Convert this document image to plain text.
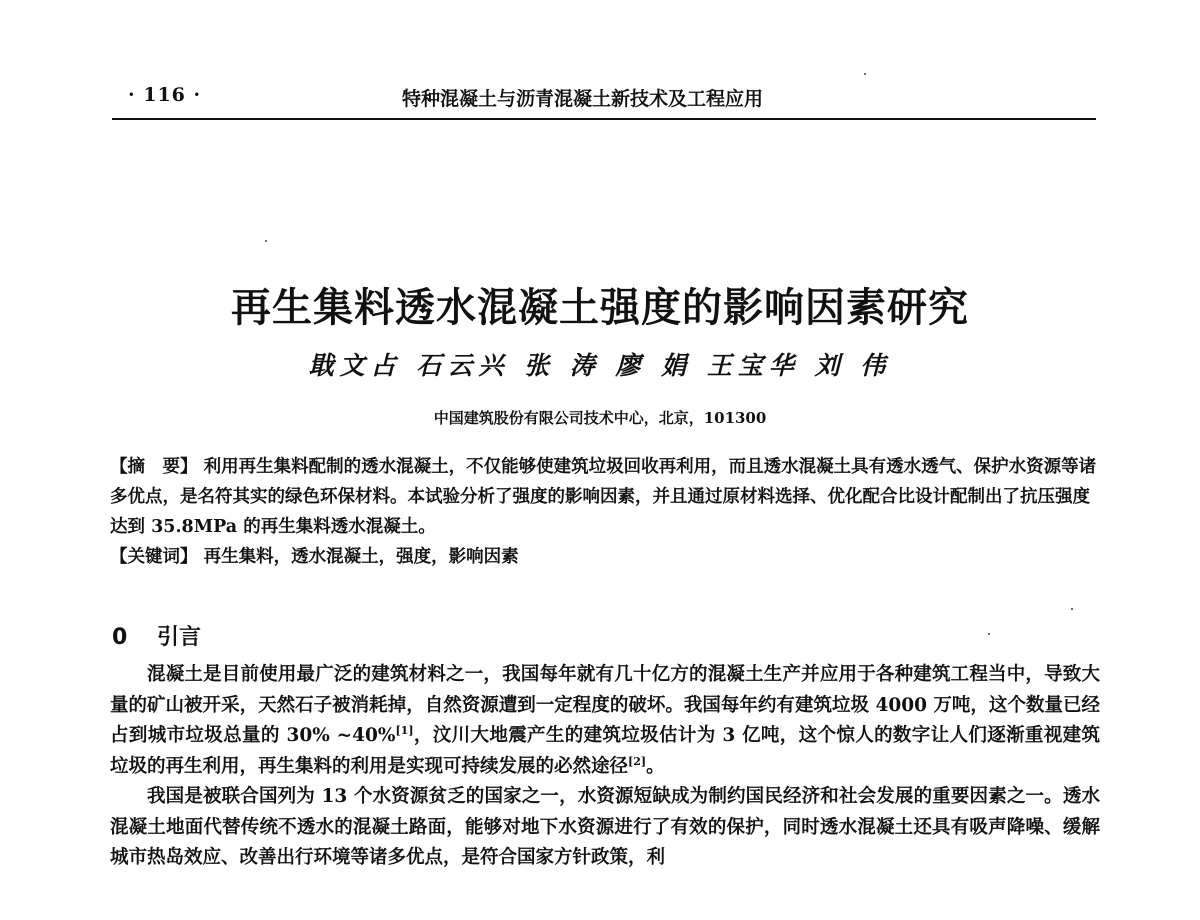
· 116 ·	特种混凝土与沥青混凝土新技术及工程应用
再生集料透水混凝土强度的影响因素研究
戢文占 石云兴 张 涛 廖 娟 王宝华 刘 伟
中国建筑股份有限公司技术中心，北京，101300
【摘　要】 利用再生集料配制的透水混凝土，不仅能够使建筑垃圾回收再利用，而且透水混凝土具有透水透气、保护水资源等诸多优点，是名符其实的绿色环保材料。本试验分析了强度的影响因素，并且通过原材料选择、优化配合比设计配制出了抗压强度达到 35.8MPa 的再生集料透水混凝土。
【关键词】 再生集料，透水混凝土，强度，影响因素
0 引言

混凝土是目前使用最广泛的建筑材料之一，我国每年就有几十亿方的混凝土生产并应用于各种建筑工程当中，导致大量的矿山被开采，天然石子被消耗掉，自然资源遭到一定程度的破坏。我国每年约有建筑垃圾 4000 万吨，这个数量已经占到城市垃圾总量的 30% ~40%[1]，汶川大地震产生的建筑垃圾估计为 3 亿吨，这个惊人的数字让人们逐渐重视建筑垃圾的再生利用，再生集料的利用是实现可持续发展的必然途径[2]。

我国是被联合国列为 13 个水资源贫乏的国家之一，水资源短缺成为制约国民经济和社会发展的重要因素之一。透水混凝土地面代替传统不透水的混凝土路面，能够对地下水资源进行了有效的保护，同时透水混凝土还具有吸声降噪、缓解城市热岛效应、改善出行环境等诸多优点，是符合国家方针政策，利
